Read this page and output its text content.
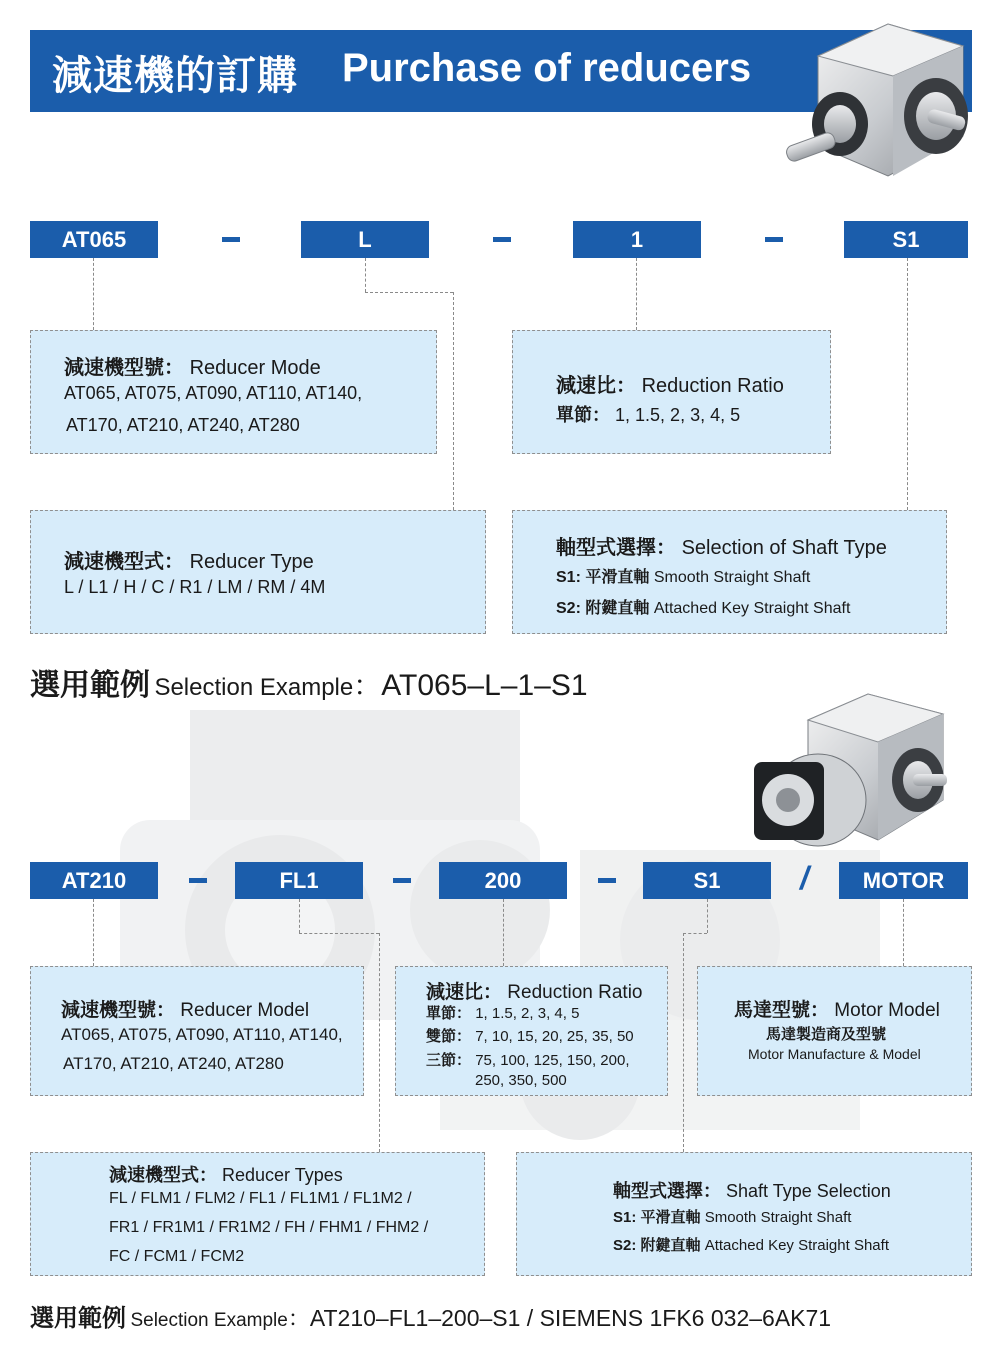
減速機的訂購 Purchase of reducers
AT065	L	1	S1
減速機型號： Reducer Mode
AT065, AT075, AT090, AT110, AT140,
AT170, AT210, AT240, AT280
減速比： Reduction Ratio
單節： 1, 1.5, 2, 3, 4, 5
減速機型式： Reducer Type
L / L1 / H / C / R1 / LM / RM / 4M
軸型式選擇： Selection of Shaft Type
S1: 平滑直軸 Smooth Straight Shaft
S2: 附鍵直軸 Attached Key Straight Shaft
選用範例 Selection Example：AT065–L–1–S1
AT210	FL1	200	S1	/	MOTOR
減速機型號： Reducer Model
AT065, AT075, AT090, AT110, AT140,
AT170, AT210, AT240, AT280
減速比： Reduction Ratio
單節： 1, 1.5, 2, 3, 4, 5
雙節： 7, 10, 15, 20, 25, 35, 50
三節： 75, 100, 125, 150, 200,
250, 350, 500
馬達型號： Motor Model
馬達製造商及型號
Motor Manufacture & Model
減速機型式： Reducer Types
FL / FLM1 / FLM2 / FL1 / FL1M1 / FL1M2 /
FR1 / FR1M1 / FR1M2 / FH / FHM1 / FHM2 /
FC / FCM1 / FCM2
軸型式選擇： Shaft Type Selection
S1: 平滑直軸 Smooth Straight Shaft
S2: 附鍵直軸 Attached Key Straight Shaft
選用範例 Selection Example：AT210–FL1–200–S1 / SIEMENS 1FK6 032–6AK71
